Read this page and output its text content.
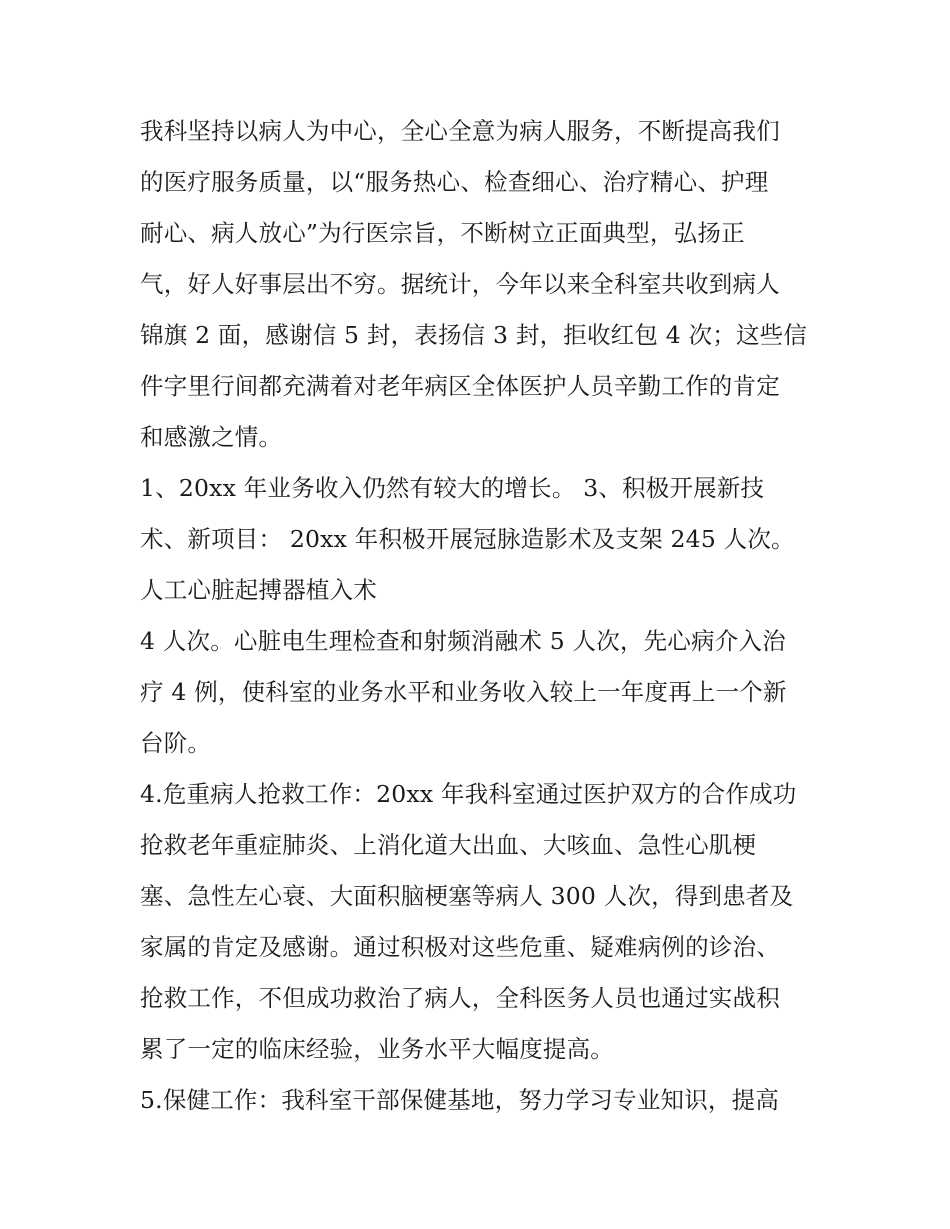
我科坚持以病人为中心，全心全意为病人服务，不断提高我们
的医疗服务质量，以“服务热心、检查细心、治疗精心、护理
耐心、病人放心”为行医宗旨，不断树立正面典型，弘扬正
气，好人好事层出不穷。据统计，今年以来全科室共收到病人
锦旗 2 面，感谢信 5 封，表扬信 3 封，拒收红包 4 次；这些信
件字里行间都充满着对老年病区全体医护人员辛勤工作的肯定
和感激之情。
1、20xx 年业务收入仍然有较大的增长。 3、积极开展新技
术、新项目： 20xx 年积极开展冠脉造影术及支架 245 人次。
人工心脏起搏器植入术
4 人次。心脏电生理检查和射频消融术 5 人次，先心病介入治
疗 4 例，使科室的业务水平和业务收入较上一年度再上一个新
台阶。
4.危重病人抢救工作：20xx 年我科室通过医护双方的合作成功
抢救老年重症肺炎、上消化道大出血、大咳血、急性心肌梗
塞、急性左心衰、大面积脑梗塞等病人 300 人次，得到患者及
家属的肯定及感谢。通过积极对这些危重、疑难病例的诊治、
抢救工作，不但成功救治了病人，全科医务人员也通过实战积
累了一定的临床经验，业务水平大幅度提高。
5.保健工作：我科室干部保健基地，努力学习专业知识，提高
